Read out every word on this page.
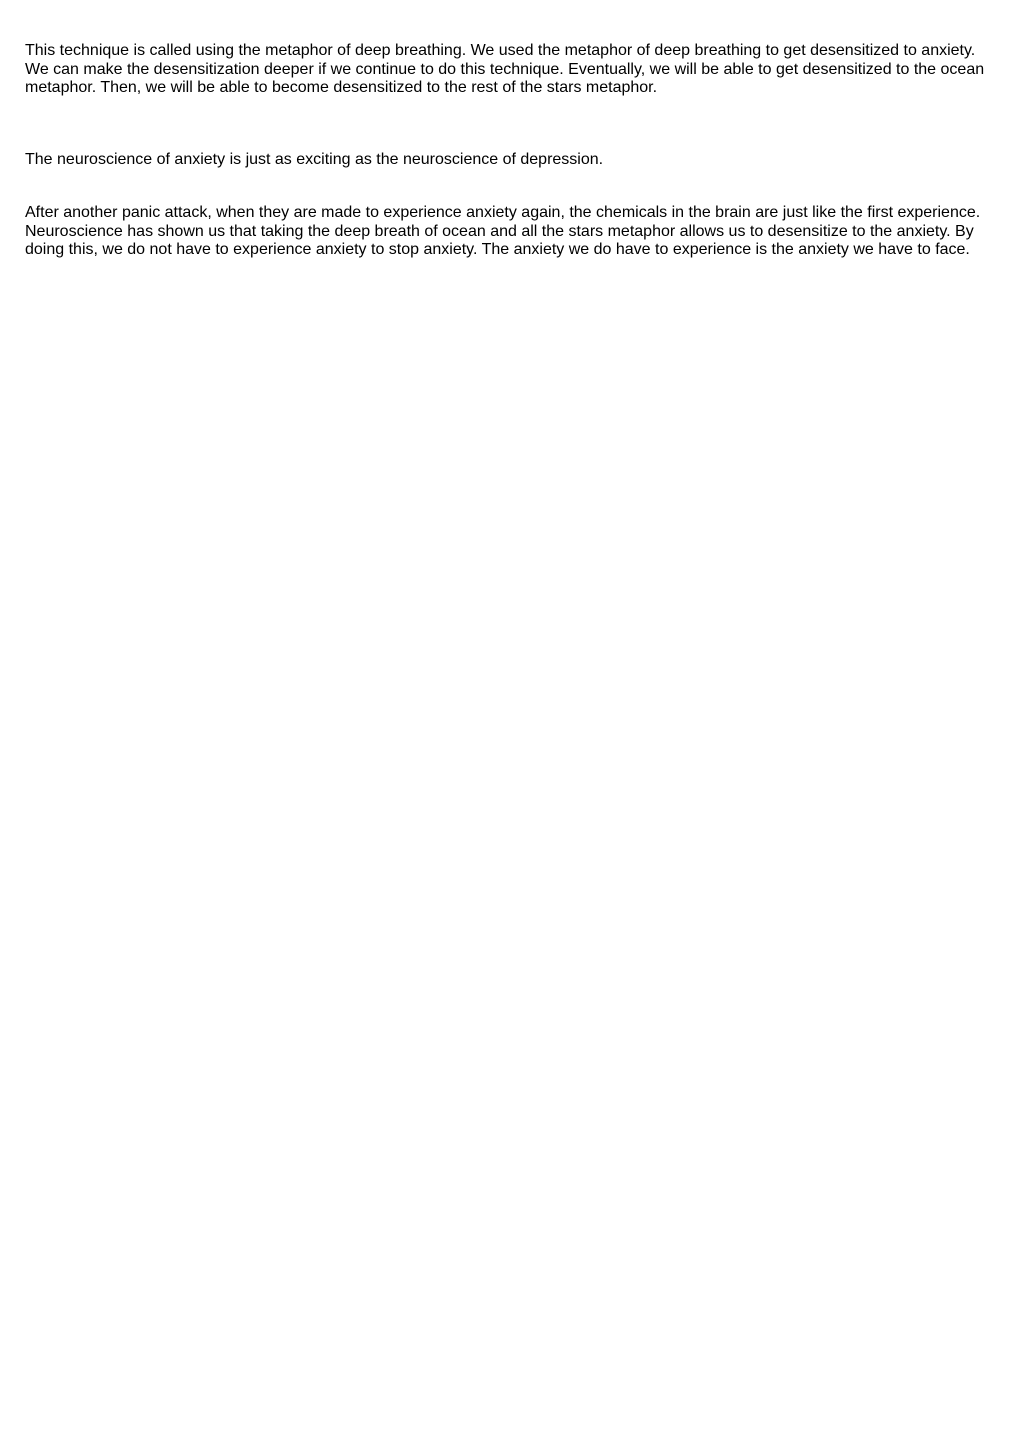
This technique is called using the metaphor of deep breathing. We used the metaphor of deep breathing to get desensitized to anxiety. We can make the desensitization deeper if we continue to do this technique. Eventually, we will be able to get desensitized to the ocean metaphor. Then, we will be able to become desensitized to the rest of the stars metaphor.

The neuroscience of anxiety is just as exciting as the neuroscience of depression.

After another panic attack, when they are made to experience anxiety again, the chemicals in the brain are just like the first experience. Neuroscience has shown us that taking the deep breath of ocean and all the stars metaphor allows us to desensitize to the anxiety. By doing this, we do not have to experience anxiety to stop anxiety. The anxiety we do have to experience is the anxiety we have to face.
